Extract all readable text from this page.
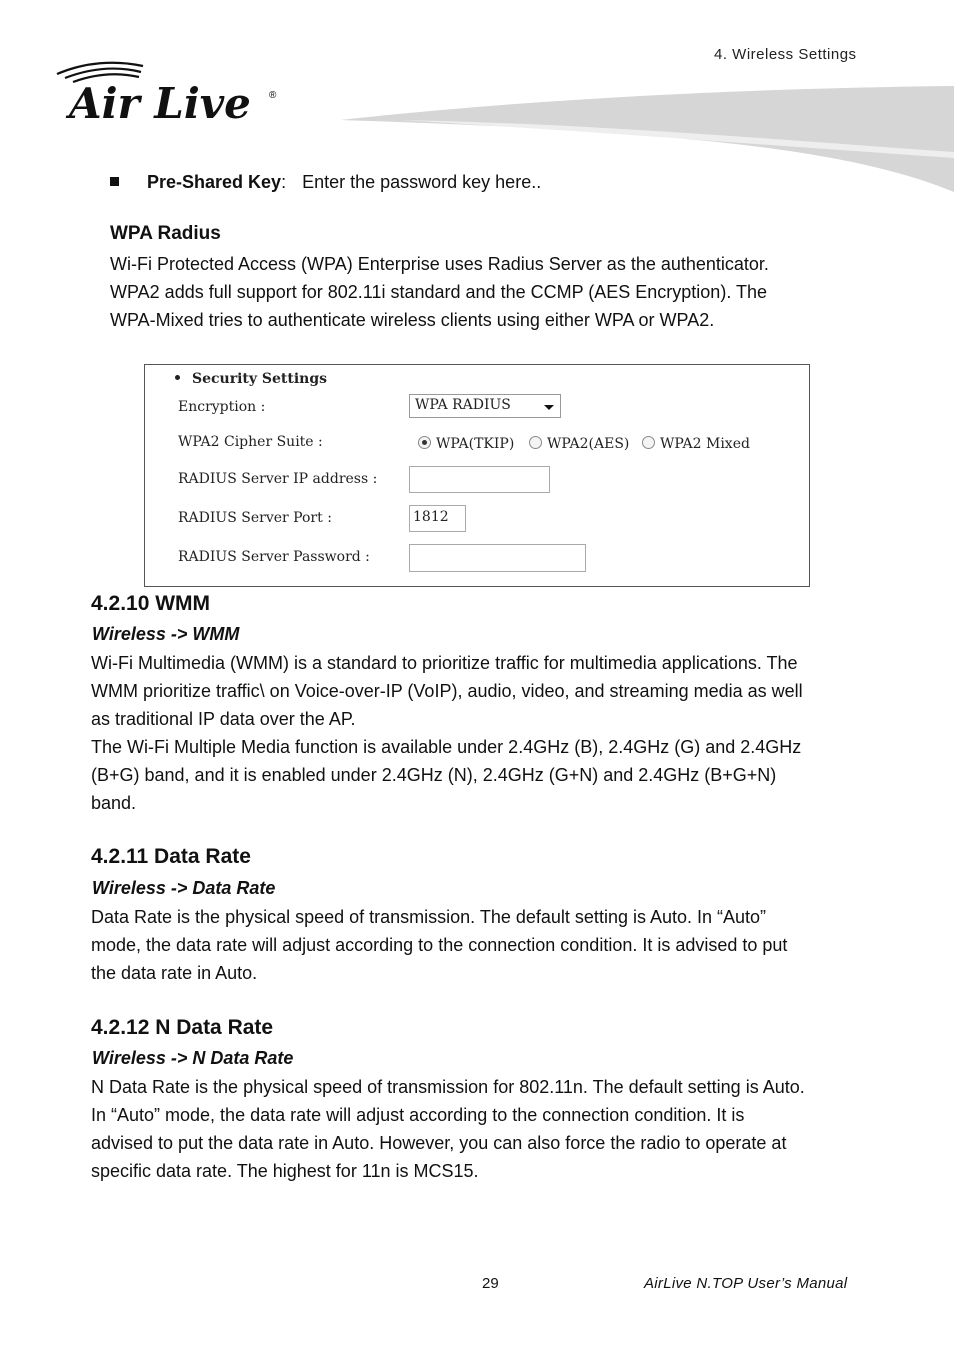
4. Wireless Settings
Air Live ®
Pre-Shared Key: Enter the password key here..
WPA Radius
Wi-Fi Protected Access (WPA) Enterprise uses Radius Server as the authenticator.
WPA2 adds full support for 802.11i standard and the CCMP (AES Encryption). The
WPA-Mixed tries to authenticate wireless clients using either WPA or WPA2.
Security Settings
Encryption :	WPA RADIUS
WPA2 Cipher Suite :	WPA(TKIP)	WPA2(AES)	WPA2 Mixed
RADIUS Server IP address :
RADIUS Server Port :	1812
RADIUS Server Password :
4.2.10 WMM
Wireless -> WMM
Wi-Fi Multimedia (WMM) is a standard to prioritize traffic for multimedia applications. The
WMM prioritize traffic\ on Voice-over-IP (VoIP), audio, video, and streaming media as well
as traditional IP data over the AP.
The Wi-Fi Multiple Media function is available under 2.4GHz (B), 2.4GHz (G) and 2.4GHz
(B+G) band, and it is enabled under 2.4GHz (N), 2.4GHz (G+N) and 2.4GHz (B+G+N)
band.
4.2.11 Data Rate
Wireless -> Data Rate
Data Rate is the physical speed of transmission. The default setting is Auto. In “Auto”
mode, the data rate will adjust according to the connection condition. It is advised to put
the data rate in Auto.
4.2.12 N Data Rate
Wireless -> N Data Rate
N Data Rate is the physical speed of transmission for 802.11n. The default setting is Auto.
In “Auto” mode, the data rate will adjust according to the connection condition. It is
advised to put the data rate in Auto. However, you can also force the radio to operate at
specific data rate. The highest for 11n is MCS15.
29	AirLive N.TOP User’s Manual
